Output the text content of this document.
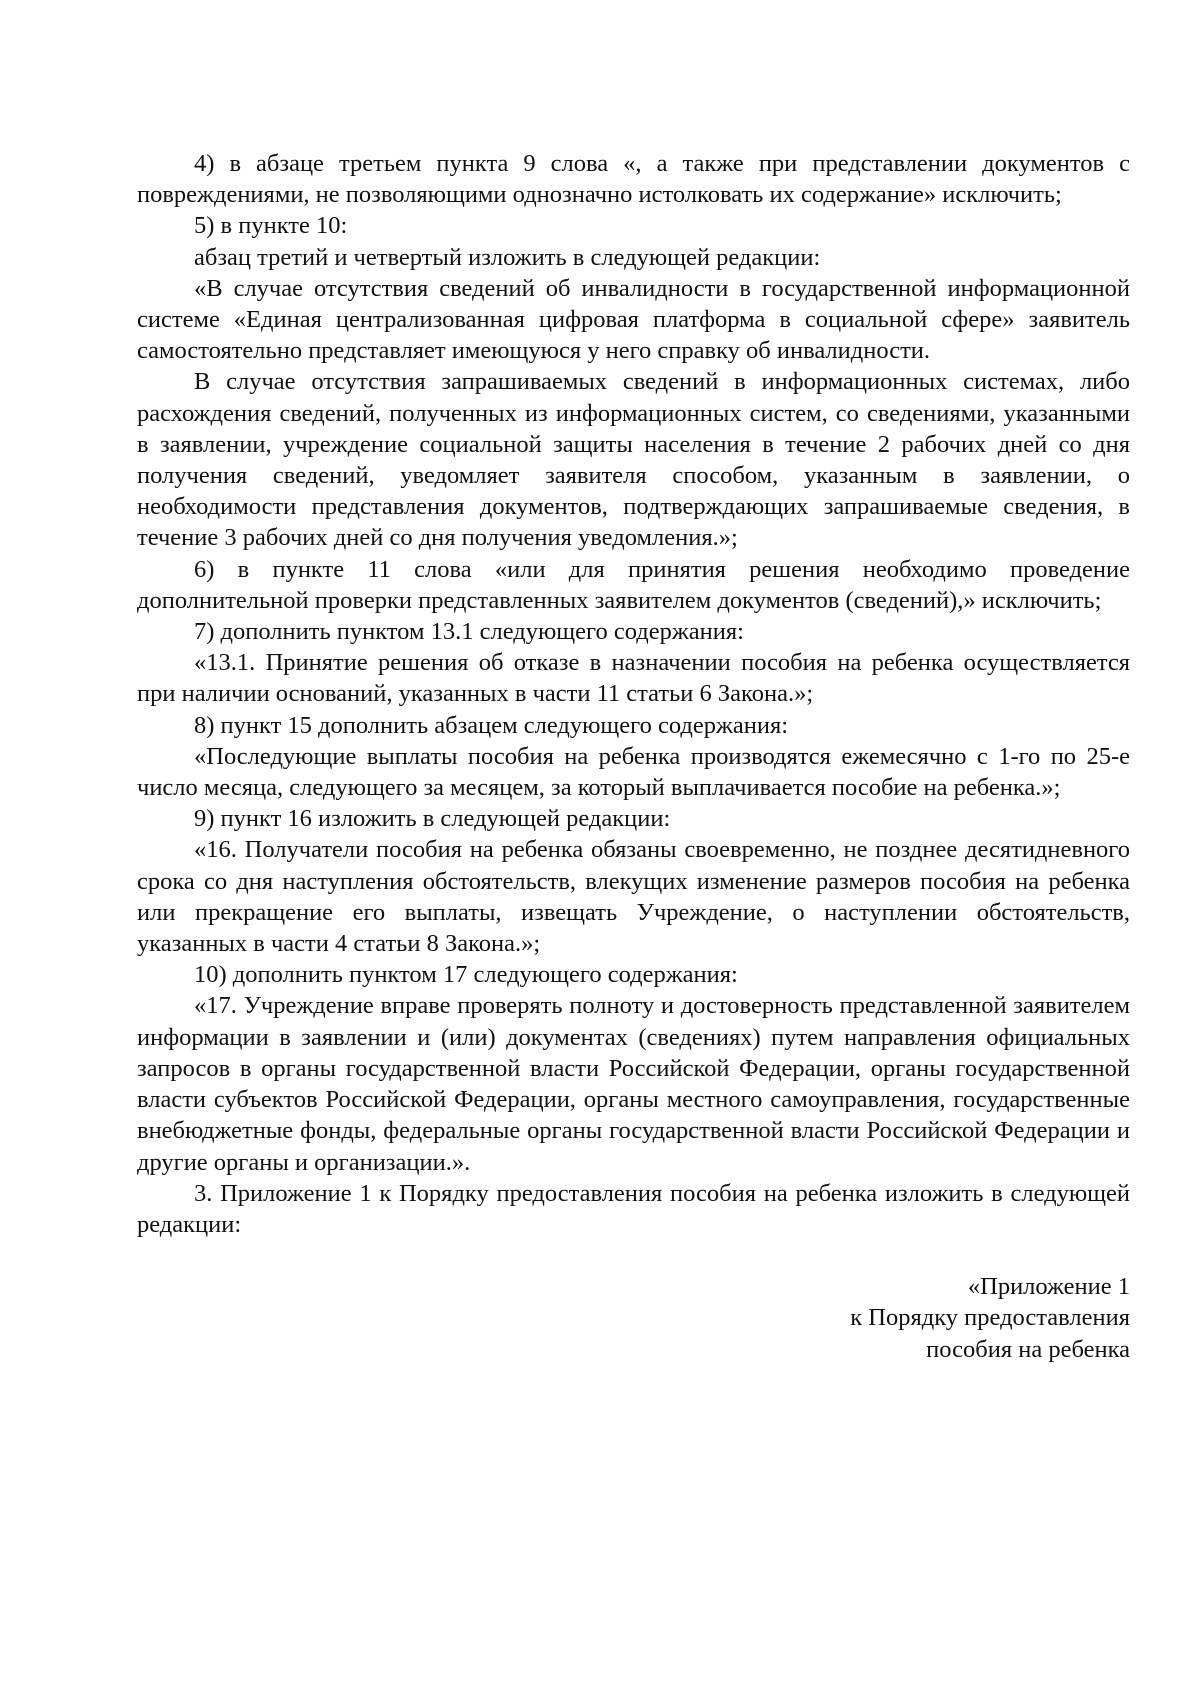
4) в абзаце третьем пункта 9 слова «, а также при представлении документов с повреждениями, не позволяющими однозначно истолковать их содержание» исключить;

5) в пункте 10:

абзац третий и четвертый изложить в следующей редакции:

«В случае отсутствия сведений об инвалидности в государственной информационной системе «Единая централизованная цифровая платформа в социальной сфере» заявитель самостоятельно представляет имеющуюся у него справку об инвалидности.

В случае отсутствия запрашиваемых сведений в информационных системах, либо расхождения сведений, полученных из информационных систем, со сведениями, указанными в заявлении, учреждение социальной защиты населения в течение 2 рабочих дней со дня получения сведений, уведомляет заявителя способом, указанным в заявлении, о необходимости представления документов, подтверждающих запрашиваемые сведения, в течение 3 рабочих дней со дня получения уведомления.»;

6) в пункте 11 слова «или для принятия решения необходимо проведение дополнительной проверки представленных заявителем документов (сведений),» исключить;

7) дополнить пунктом 13.1 следующего содержания:

«13.1. Принятие решения об отказе в назначении пособия на ребенка осуществляется при наличии оснований, указанных в части 11 статьи 6 Закона.»;

8) пункт 15 дополнить абзацем следующего содержания:

«Последующие выплаты пособия на ребенка производятся ежемесячно с 1-го по 25-е число месяца, следующего за месяцем, за который выплачивается пособие на ребенка.»;

9) пункт 16 изложить в следующей редакции:

«16. Получатели пособия на ребенка обязаны своевременно, не позднее десятидневного срока со дня наступления обстоятельств, влекущих изменение размеров пособия на ребенка или прекращение его выплаты, извещать Учреждение, о наступлении обстоятельств, указанных в части 4 статьи 8 Закона.»;

10) дополнить пунктом 17 следующего содержания:

«17. Учреждение вправе проверять полноту и достоверность представленной заявителем информации в заявлении и (или) документах (сведениях) путем направления официальных запросов в органы государственной власти Российской Федерации, органы государственной власти субъектов Российской Федерации, органы местного самоуправления, государственные внебюджетные фонды, федеральные органы государственной власти Российской Федерации и другие органы и организации.».

3. Приложение 1 к Порядку предоставления пособия на ребенка изложить в следующей редакции:

«Приложение 1
к Порядку предоставления
пособия на ребенка
